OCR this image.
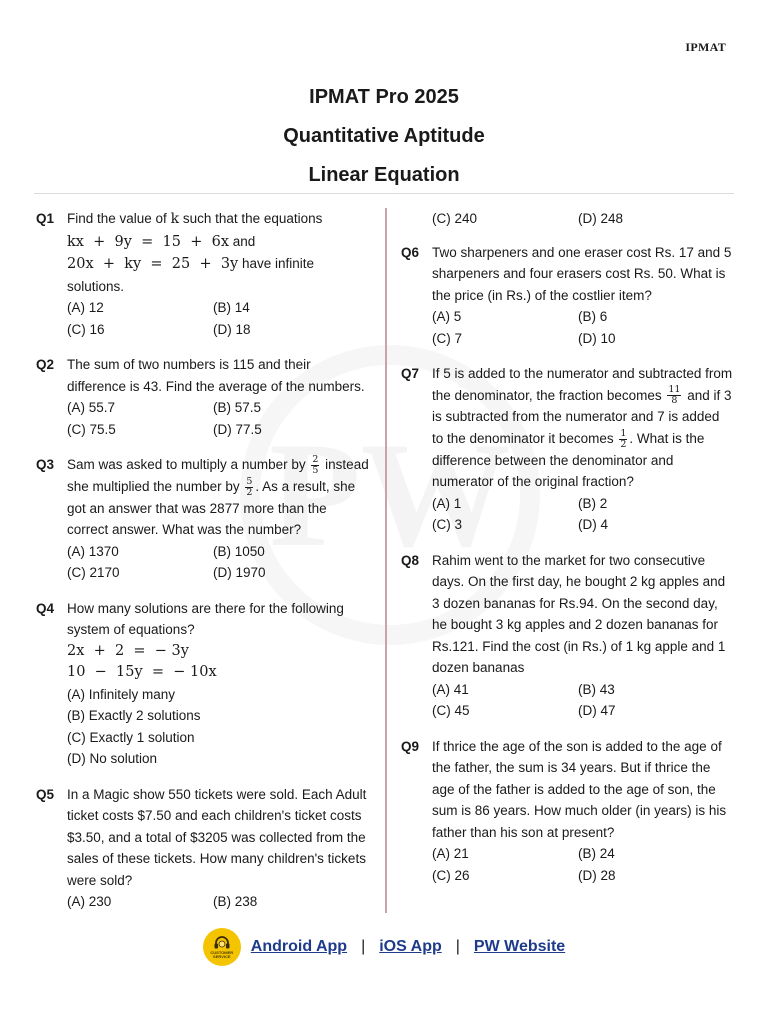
IPMAT
IPMAT Pro 2025
Quantitative Aptitude
Linear Equation
Q1 Find the value of k such that the equations
kx  +  9y  =  15  +  6x and
20x  +  ky  =  25  +  3y have infinite
solutions.
(A) 12	(B) 14
(C) 16	(D) 18
Q2 The sum of two numbers is 115 and their difference is 43. Find the average of the numbers.
(A) 55.7	(B) 57.5
(C) 75.5	(D) 77.5
Q3 Sam was asked to multiply a number by $\frac{2}{5}$ instead she multiplied the number by $\frac{5}{2}$ . As a result, she got an answer that was 2877 more than the correct answer. What was the number?
(A) 1370	(B) 1050
(C) 2170	(D) 1970
Q4 How many solutions are there for the following system of equations?
2x  +  2  =  − 3y
10  −  15y  =  − 10x
(A) Infinitely many
(B) Exactly 2 solutions
(C) Exactly 1 solution
(D) No solution
Q5 In a Magic show 550 tickets were sold. Each Adult ticket costs $7.50 and each children's ticket costs $3.50, and a total of $3205 was collected from the sales of these tickets. How many children's tickets were sold?
(A) 230	(B) 238
(C) 240	(D) 248
Q6 Two sharpeners and one eraser cost Rs. 17 and 5 sharpeners and four erasers cost Rs. 50. What is the price (in Rs.) of the costlier item?
(A) 5	(B) 6
(C) 7	(D) 10
Q7 If 5 is added to the numerator and subtracted from the denominator, the fraction becomes $\frac{11}{8}$ and if 3 is subtracted from the numerator and 7 is added to the denominator it becomes $\frac{1}{2}$ . What is the difference between the denominator and numerator of the original fraction?
(A) 1	(B) 2
(C) 3	(D) 4
Q8 Rahim went to the market for two consecutive days. On the first day, he bought 2 kg apples and 3 dozen bananas for Rs.94. On the second day, he bought 3 kg apples and 2 dozen bananas for Rs.121. Find the cost (in Rs.) of 1 kg apple and 1 dozen bananas
(A) 41	(B) 43
(C) 45	(D) 47
Q9 If thrice the age of the son is added to the age of the father, the sum is 34 years. But if thrice the age of the father is added to the age of son, the sum is 86 years. How much older (in years) is his father than his son at present?
(A) 21	(B) 24
(C) 26	(D) 28
CUSTOMER SERVICE
Android App | iOS App | PW Website
